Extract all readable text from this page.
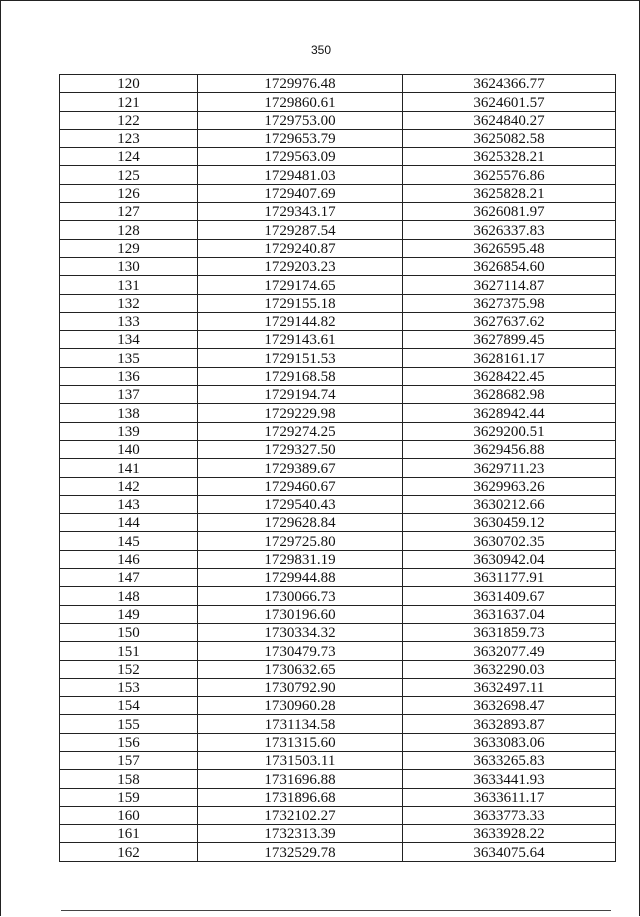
350
120	1729976.48	3624366.77
121	1729860.61	3624601.57
122	1729753.00	3624840.27
123	1729653.79	3625082.58
124	1729563.09	3625328.21
125	1729481.03	3625576.86
126	1729407.69	3625828.21
127	1729343.17	3626081.97
128	1729287.54	3626337.83
129	1729240.87	3626595.48
130	1729203.23	3626854.60
131	1729174.65	3627114.87
132	1729155.18	3627375.98
133	1729144.82	3627637.62
134	1729143.61	3627899.45
135	1729151.53	3628161.17
136	1729168.58	3628422.45
137	1729194.74	3628682.98
138	1729229.98	3628942.44
139	1729274.25	3629200.51
140	1729327.50	3629456.88
141	1729389.67	3629711.23
142	1729460.67	3629963.26
143	1729540.43	3630212.66
144	1729628.84	3630459.12
145	1729725.80	3630702.35
146	1729831.19	3630942.04
147	1729944.88	3631177.91
148	1730066.73	3631409.67
149	1730196.60	3631637.04
150	1730334.32	3631859.73
151	1730479.73	3632077.49
152	1730632.65	3632290.03
153	1730792.90	3632497.11
154	1730960.28	3632698.47
155	1731134.58	3632893.87
156	1731315.60	3633083.06
157	1731503.11	3633265.83
158	1731696.88	3633441.93
159	1731896.68	3633611.17
160	1732102.27	3633773.33
161	1732313.39	3633928.22
162	1732529.78	3634075.64
